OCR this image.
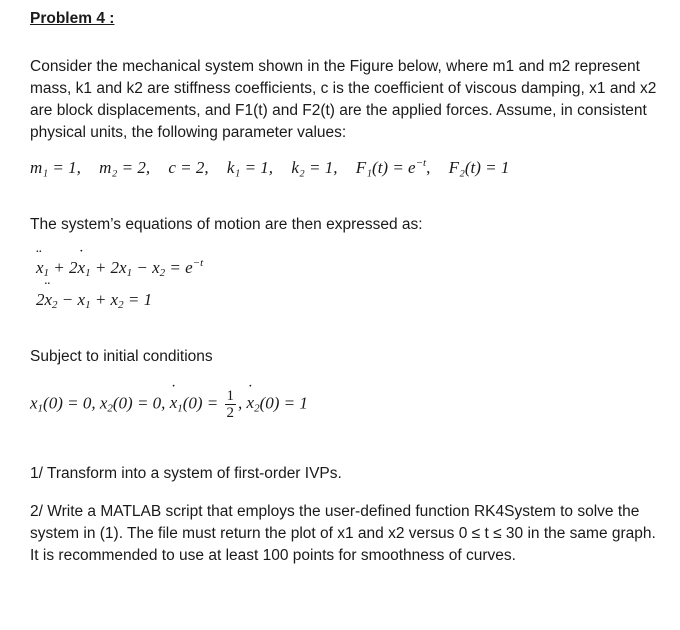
Problem 4 :
Consider the mechanical system shown in the Figure below, where m1 and m2 represent mass, k1 and k2 are stiffness coefficients, c is the coefficient of viscous damping, x1 and x2 are block displacements, and F1(t) and F2(t) are the applied forces. Assume, in consistent physical units, the following parameter values:
m₁ = 1, m₂ = 2, c = 2, k₁ = 1, k₂ = 1, $F_1(t) = e^{-t}$, F₂(t) = 1
The system’s equations of motion are then expressed as:
¨ $x_1$ + 2˙ $x_1 + 2x_1 - x_2 = e^{-t}$
2¨ $x_2 - x_1 + x_2 = 1$
Subject to initial conditions
$x_1(0) = 0$, $x_2(0) = 0$, ˙ $x_1(0) = \frac{1}{2}$ , ˙ $x_2(0) = 1$
1/ Transform into a system of first-order IVPs.
2/ Write a MATLAB script that employs the user-defined function RK4System to solve the system in (1). The file must return the plot of x1 and x2 versus 0 ≤ t ≤ 30 in the same graph. It is recommended to use at least 100 points for smoothness of curves.
